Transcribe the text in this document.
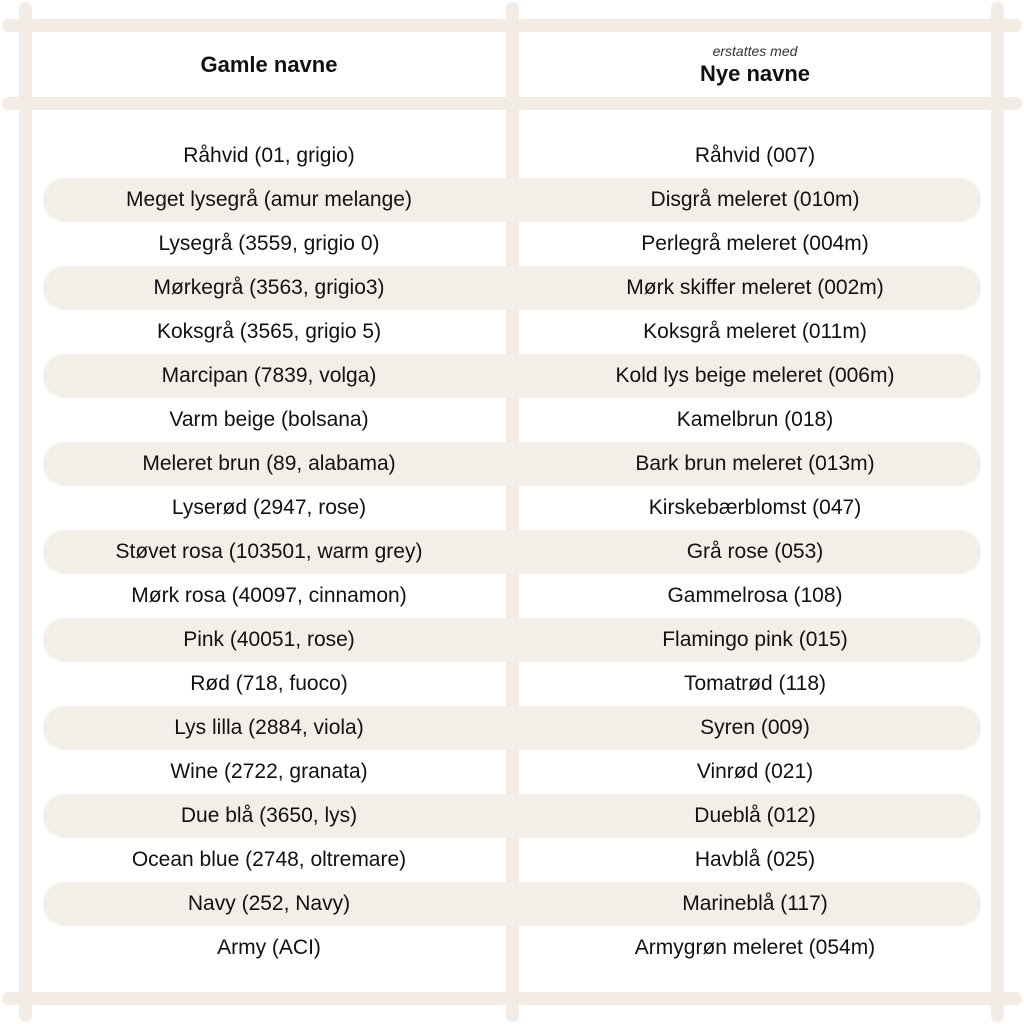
Gamle navne
erstattes med
Nye navne
Råhvid (01, grigio)	Råhvid (007)
Meget lysegrå (amur melange)	Disgrå meleret (010m)
Lysegrå (3559, grigio 0)	Perlegrå meleret (004m)
Mørkegrå (3563, grigio3)	Mørk skiffer meleret (002m)
Koksgrå (3565, grigio 5)	Koksgrå meleret (011m)
Marcipan (7839, volga)	Kold lys beige meleret (006m)
Varm beige (bolsana)	Kamelbrun (018)
Meleret brun (89, alabama)	Bark brun meleret (013m)
Lyserød (2947, rose)	Kirskebærblomst (047)
Støvet rosa (103501, warm grey)	Grå rose (053)
Mørk rosa (40097, cinnamon)	Gammelrosa (108)
Pink (40051, rose)	Flamingo pink (015)
Rød (718, fuoco)	Tomatrød (118)
Lys lilla (2884, viola)	Syren (009)
Wine (2722, granata)	Vinrød (021)
Due blå (3650, lys)	Dueblå (012)
Ocean blue (2748, oltremare)	Havblå (025)
Navy (252, Navy)	Marineblå (117)
Army (ACI)	Armygrøn meleret (054m)
